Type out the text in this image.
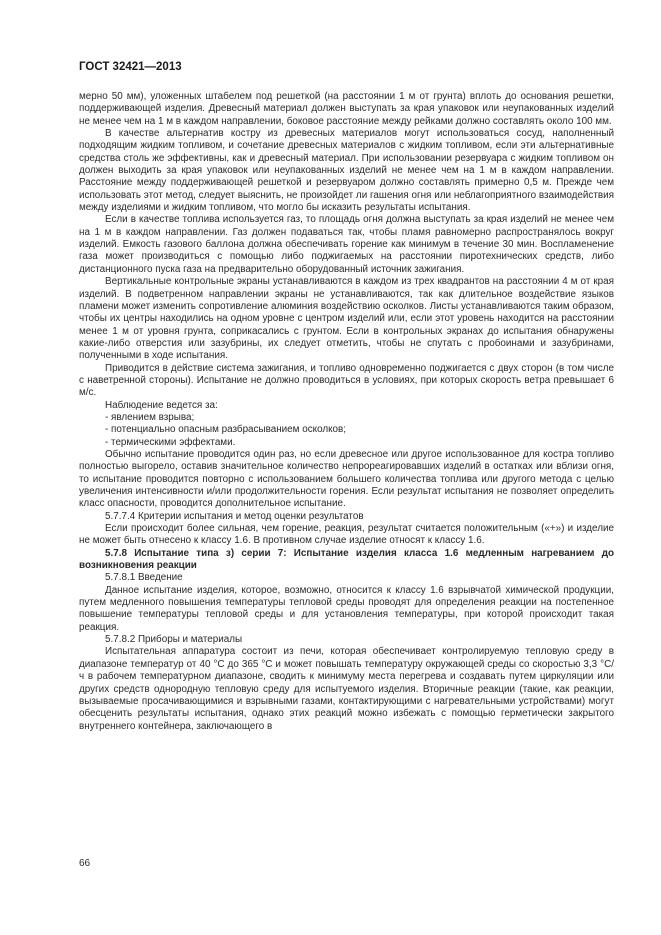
ГОСТ 32421—2013

мерно 50 мм), уложенных штабелем под решеткой (на расстоянии 1 м от грунта) вплоть до основания решетки, поддерживающей изделия. Древесный материал должен выступать за края упаковок или неупакованных изделий не менее чем на 1 м в каждом направлении, боковое расстояние между рейками должно составлять около 100 мм.

В качестве альтернатив костру из древесных материалов могут использоваться сосуд, наполненный подходящим жидким топливом, и сочетание древесных материалов с жидким топливом, если эти альтернативные средства столь же эффективны, как и древесный материал. При использовании резервуара с жидким топливом он должен выходить за края упаковок или неупакованных изделий не менее чем на 1 м в каждом направлении. Расстояние между поддерживающей решеткой и резервуаром должно составлять примерно 0,5 м. Прежде чем использовать этот метод, следует выяснить, не произойдет ли гашения огня или неблагоприятного взаимодействия между изделиями и жидким топливом, что могло бы исказить результаты испытания.

Если в качестве топлива используется газ, то площадь огня должна выступать за края изделий не менее чем на 1 м в каждом направлении. Газ должен подаваться так, чтобы пламя равномерно распространялось вокруг изделий. Емкость газового баллона должна обеспечивать горение как минимум в течение 30 мин. Воспламенение газа может производиться с помощью либо поджигаемых на расстоянии пиротехнических средств, либо дистанционного пуска газа на предварительно оборудованный источник зажигания.

Вертикальные контрольные экраны устанавливаются в каждом из трех квадрантов на расстоянии 4 м от края изделий. В подветренном направлении экраны не устанавливаются, так как длительное воздействие языков пламени может изменить сопротивление алюминия воздействию осколков. Листы устанавливаются таким образом, чтобы их центры находились на одном уровне с центром изделий или, если этот уровень находится на расстоянии менее 1 м от уровня грунта, соприкасались с грунтом. Если в контрольных экранах до испытания обнаружены какие-либо отверстия или зазубрины, их следует отметить, чтобы не спутать с пробоинами и зазубринами, полученными в ходе испытания.

Приводится в действие система зажигания, и топливо одновременно поджигается с двух сторон (в том числе с наветренной стороны). Испытание не должно проводиться в условиях, при которых скорость ветра превышает 6 м/с.

Наблюдение ведется за:

- явлением взрыва;

- потенциально опасным разбрасыванием осколков;

- термическими эффектами.

Обычно испытание проводится один раз, но если древесное или другое использованное для костра топливо полностью выгорело, оставив значительное количество непрореагировавших изделий в остатках или вблизи огня, то испытание проводится повторно с использованием большего количества топлива или другого метода с целью увеличения интенсивности и/или продолжительности горения. Если результат испытания не позволяет определить класс опасности, проводится дополнительное испытание.

5.7.7.4 Критерии испытания и метод оценки результатов

Если происходит более сильная, чем горение, реакция, результат считается положительным («+») и изделие не может быть отнесено к классу 1.6. В противном случае изделие относят к классу 1.6.

5.7.8 Испытание типа з) серии 7: Испытание изделия класса 1.6 медленным нагреванием до возникновения реакции

5.7.8.1 Введение

Данное испытание изделия, которое, возможно, относится к классу 1.6 взрывчатой химической продукции, путем медленного повышения температуры тепловой среды проводят для определения реакции на постепенное повышение температуры тепловой среды и для установления температуры, при которой происходит такая реакция.

5.7.8.2 Приборы и материалы

Испытательная аппаратура состоит из печи, которая обеспечивает контролируемую тепловую среду в диапазоне температур от 40 °С до 365 °С и может повышать температуру окружающей среды со скоростью 3,3 °С/ч в рабочем температурном диапазоне, сводить к минимуму места перегрева и создавать путем циркуляции или других средств однородную тепловую среду для испытуемого изделия. Вторичные реакции (такие, как реакции, вызываемые просачивающимися и взрывными газами, контактирующими с нагревательными устройствами) могут обесценить результаты испытания, однако этих реакций можно избежать с помощью герметически закрытого внутреннего контейнера, заключающего в

66
